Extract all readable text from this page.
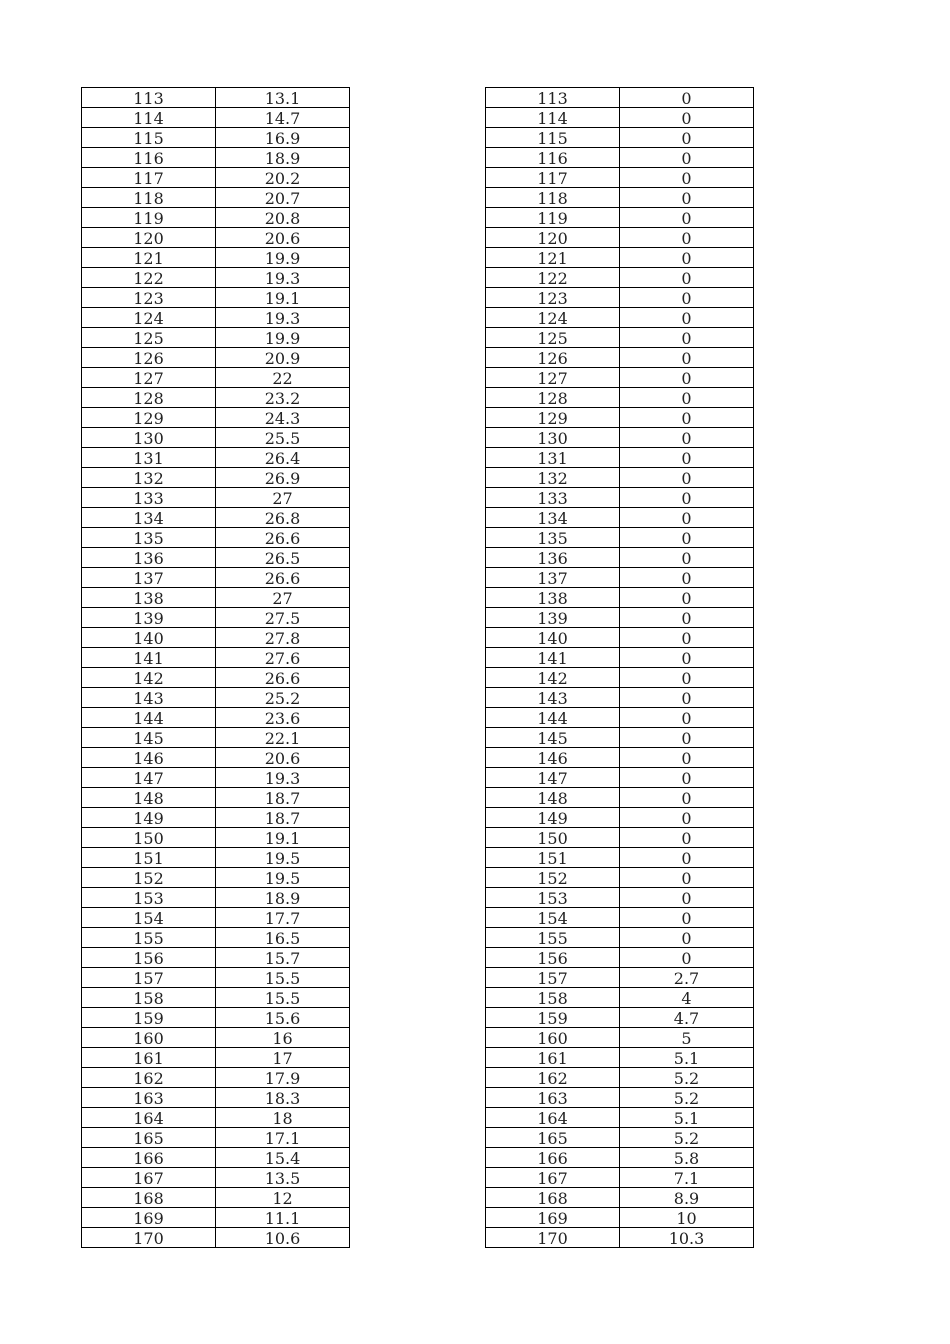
113	13.1
114	14.7
115	16.9
116	18.9
117	20.2
118	20.7
119	20.8
120	20.6
121	19.9
122	19.3
123	19.1
124	19.3
125	19.9
126	20.9
127	22
128	23.2
129	24.3
130	25.5
131	26.4
132	26.9
133	27
134	26.8
135	26.6
136	26.5
137	26.6
138	27
139	27.5
140	27.8
141	27.6
142	26.6
143	25.2
144	23.6
145	22.1
146	20.6
147	19.3
148	18.7
149	18.7
150	19.1
151	19.5
152	19.5
153	18.9
154	17.7
155	16.5
156	15.7
157	15.5
158	15.5
159	15.6
160	16
161	17
162	17.9
163	18.3
164	18
165	17.1
166	15.4
167	13.5
168	12
169	11.1
170	10.6
113	0
114	0
115	0
116	0
117	0
118	0
119	0
120	0
121	0
122	0
123	0
124	0
125	0
126	0
127	0
128	0
129	0
130	0
131	0
132	0
133	0
134	0
135	0
136	0
137	0
138	0
139	0
140	0
141	0
142	0
143	0
144	0
145	0
146	0
147	0
148	0
149	0
150	0
151	0
152	0
153	0
154	0
155	0
156	0
157	2.7
158	4
159	4.7
160	5
161	5.1
162	5.2
163	5.2
164	5.1
165	5.2
166	5.8
167	7.1
168	8.9
169	10
170	10.3
